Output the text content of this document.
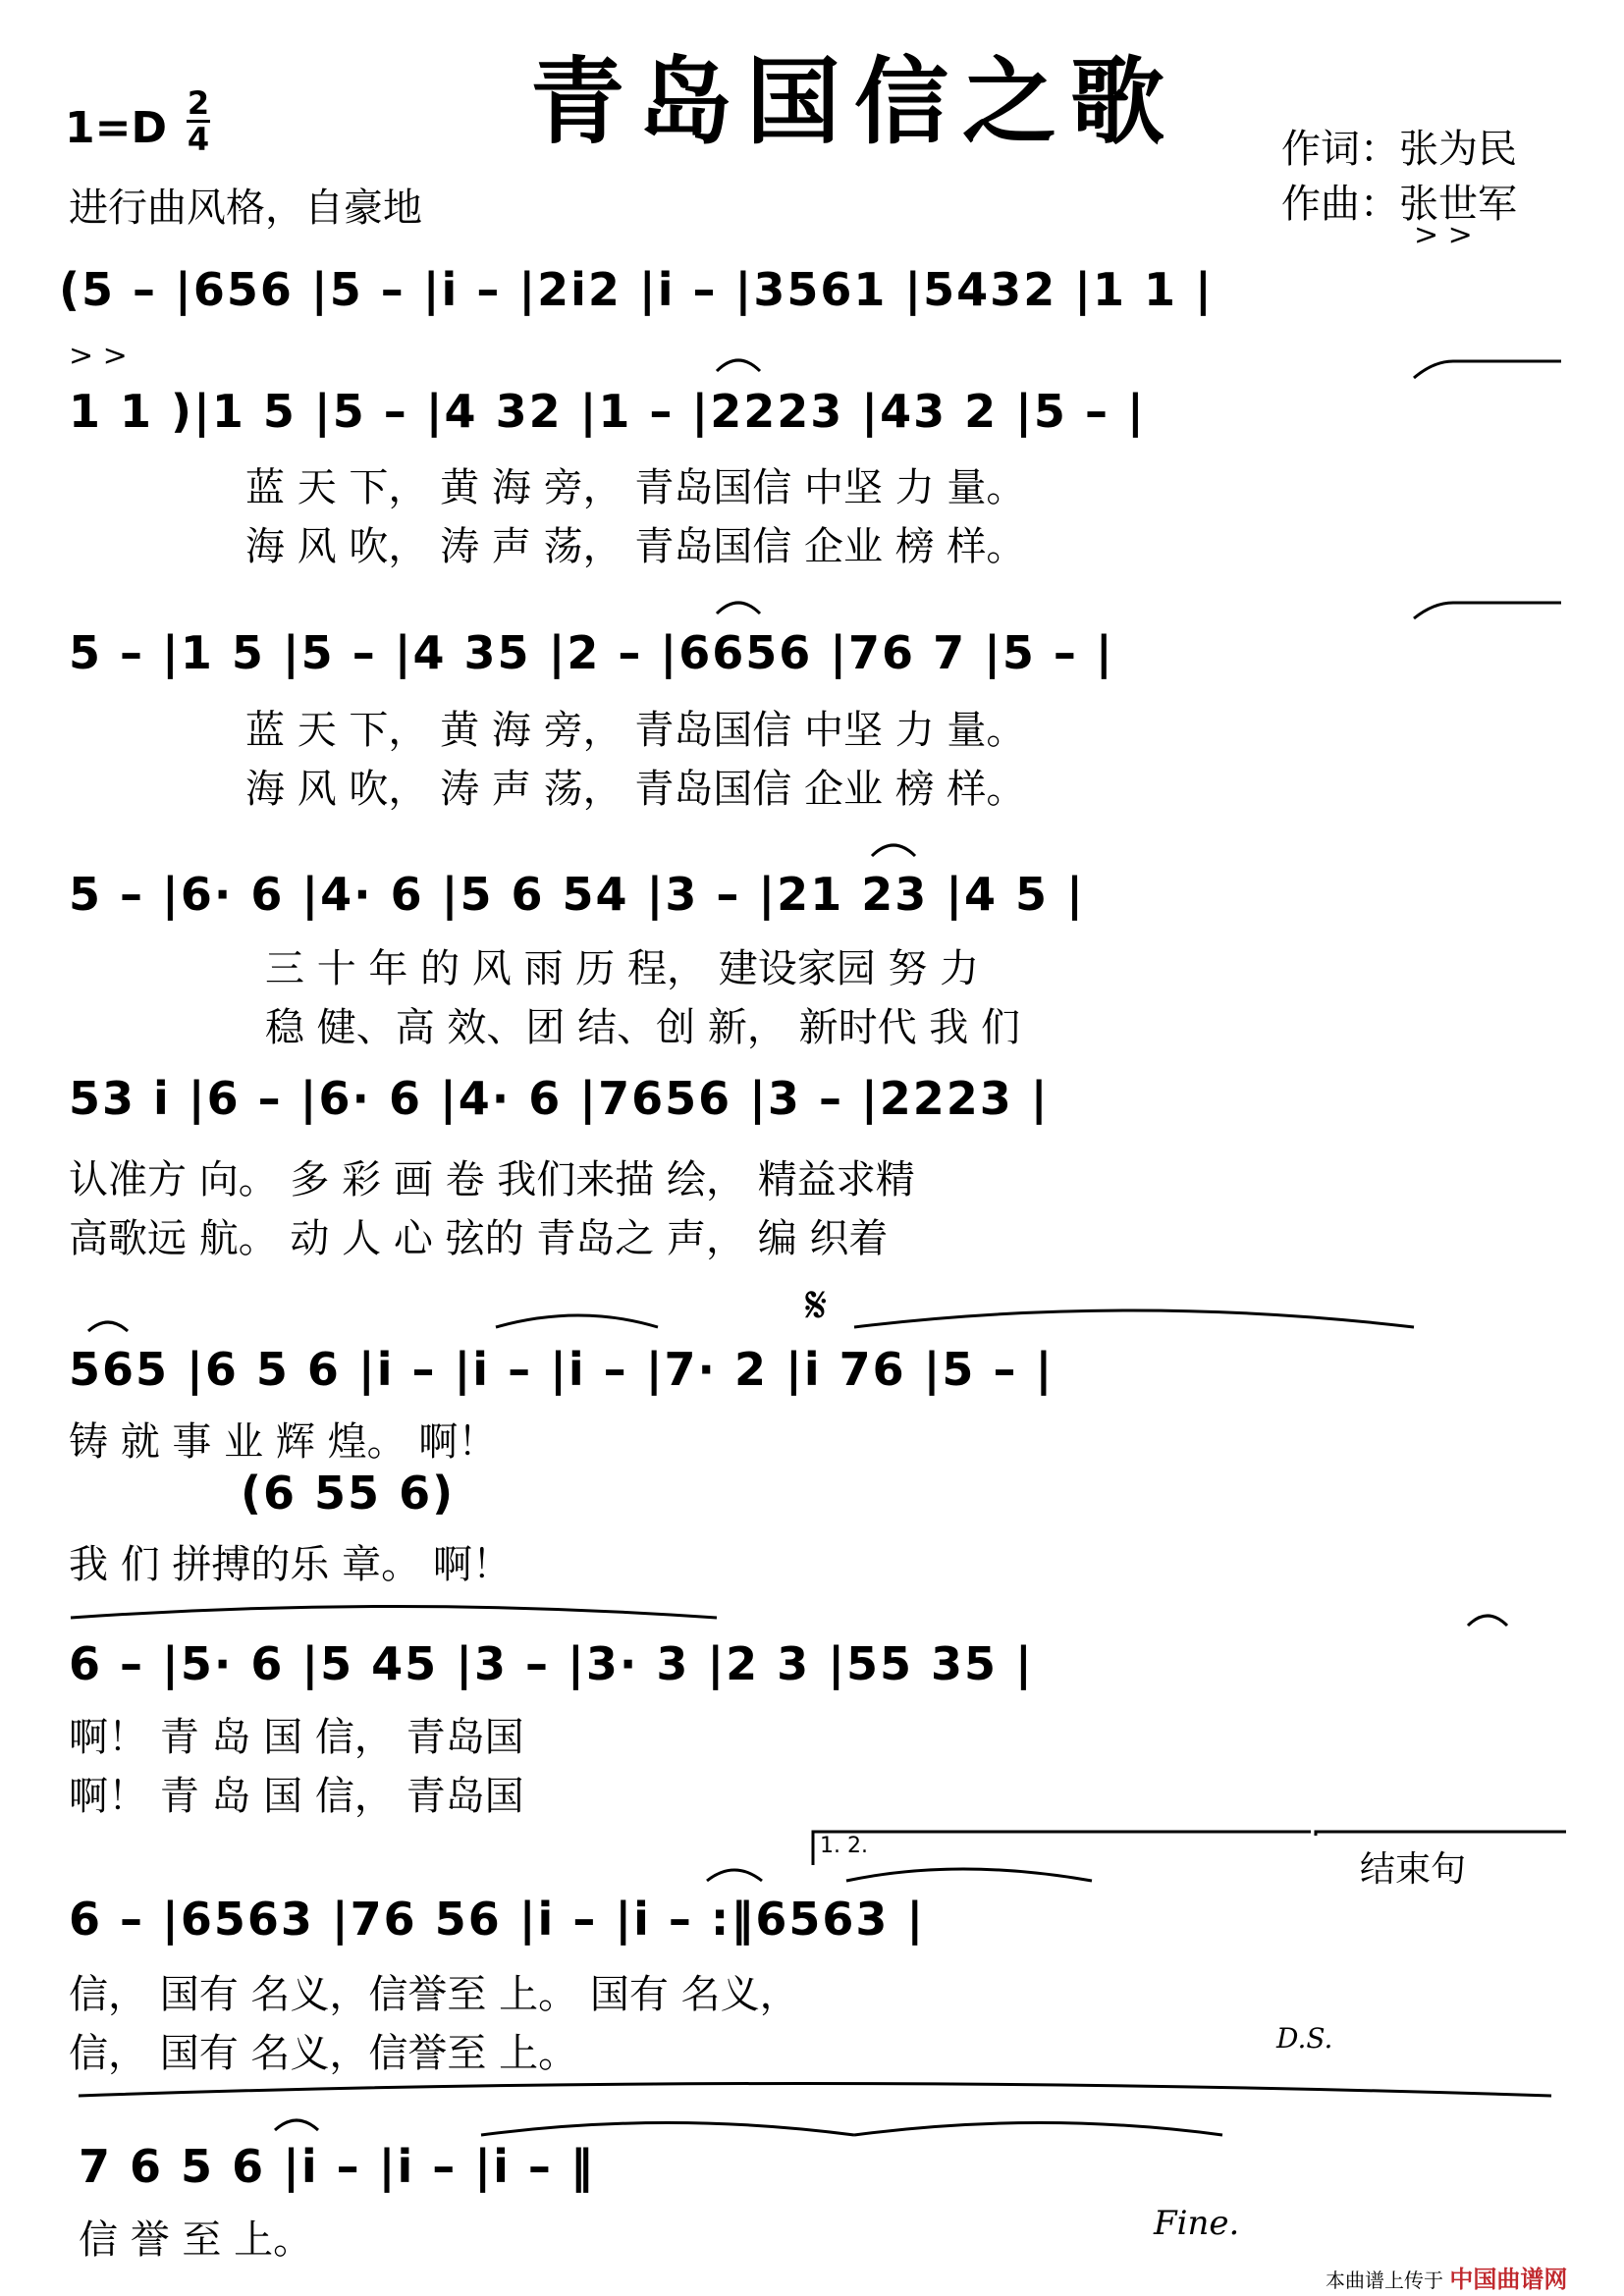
青岛国信之歌
1=D 2
4
进行曲风格，自豪地
作词：张为民
作曲：张世军
> >
> >
(5 – |656 |5 – |i – |2i2 |i – |3561 |5432 |1 1 |
1 1 )|1 5 |5 – |4 32 |1 – |2223 |43 2 |5 – |
蓝 天 下， 黄 海 旁， 青岛国信 中坚 力 量。
海 风 吹， 涛 声 荡， 青岛国信 企业 榜 样。
5 – |1 5 |5 – |4 35 |2 – |6656 |76 7 |5 – |
蓝 天 下， 黄 海 旁， 青岛国信 中坚 力 量。
海 风 吹， 涛 声 荡， 青岛国信 企业 榜 样。
5 – |6· 6 |4· 6 |5 6 54 |3 – |21 23 |4 5 |
三 十 年 的 风 雨 历 程， 建设家园 努 力
稳 健、高 效、团 结、创 新， 新时代 我 们
53 i |6 – |6· 6 |4· 6 |7656 |3 – |2223 |
认准方 向。 多 彩 画 卷 我们来描 绘， 精益求精
高歌远 航。 动 人 心 弦的 青岛之 声， 编 织着
𝄋
565 |6 5 6 |i – |i – |i – |7· 2 |i 76 |5 – |
铸 就 事 业 辉 煌。 啊！
(6 55 6)
我 们 拼搏的乐 章。 啊！
6 – |5· 6 |5 45 |3 – |3· 3 |2 3 |55 35 |
啊！ 青 岛 国 信， 青岛国
啊！ 青 岛 国 信， 青岛国
1. 2.
结束句
6 – |6563 |76 56 |i – |i – :‖6563 |
信， 国有 名义，信誉至 上。 国有 名义，
信， 国有 名义，信誉至 上。	D.S.
7 6 5 6 |i – |i – |i – ‖
信 誉 至 上。	Fine.
本曲谱上传于 中国曲谱网
